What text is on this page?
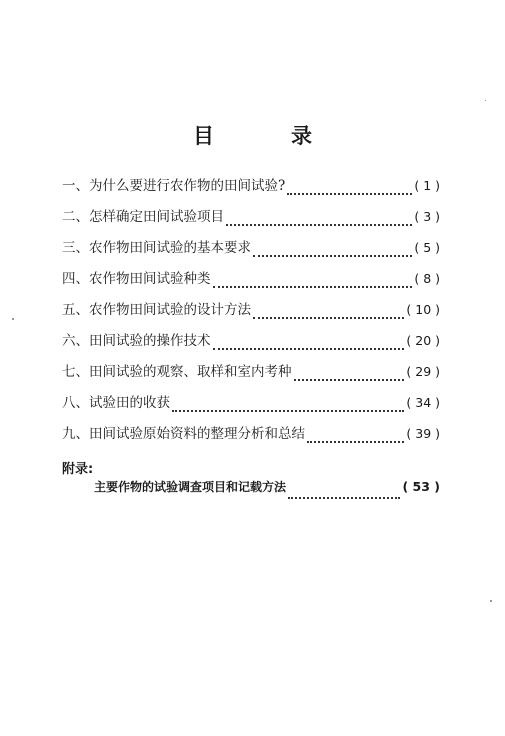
目　录
一、为什么要进行农作物的田间试验?	( 1 )
二、怎样确定田间试验项目	( 3 )
三、农作物田间试验的基本要求	( 5 )
四、农作物田间试验种类	( 8 )
五、农作物田间试验的设计方法	( 10 )
六、田间试验的操作技术	( 20 )
七、田间试验的观察、取样和室内考种	( 29 )
八、试验田的收获	( 34 )
九、田间试验原始资料的整理分析和总结	( 39 )
附录:
主要作物的试验调查项目和记载方法	( 53 )
